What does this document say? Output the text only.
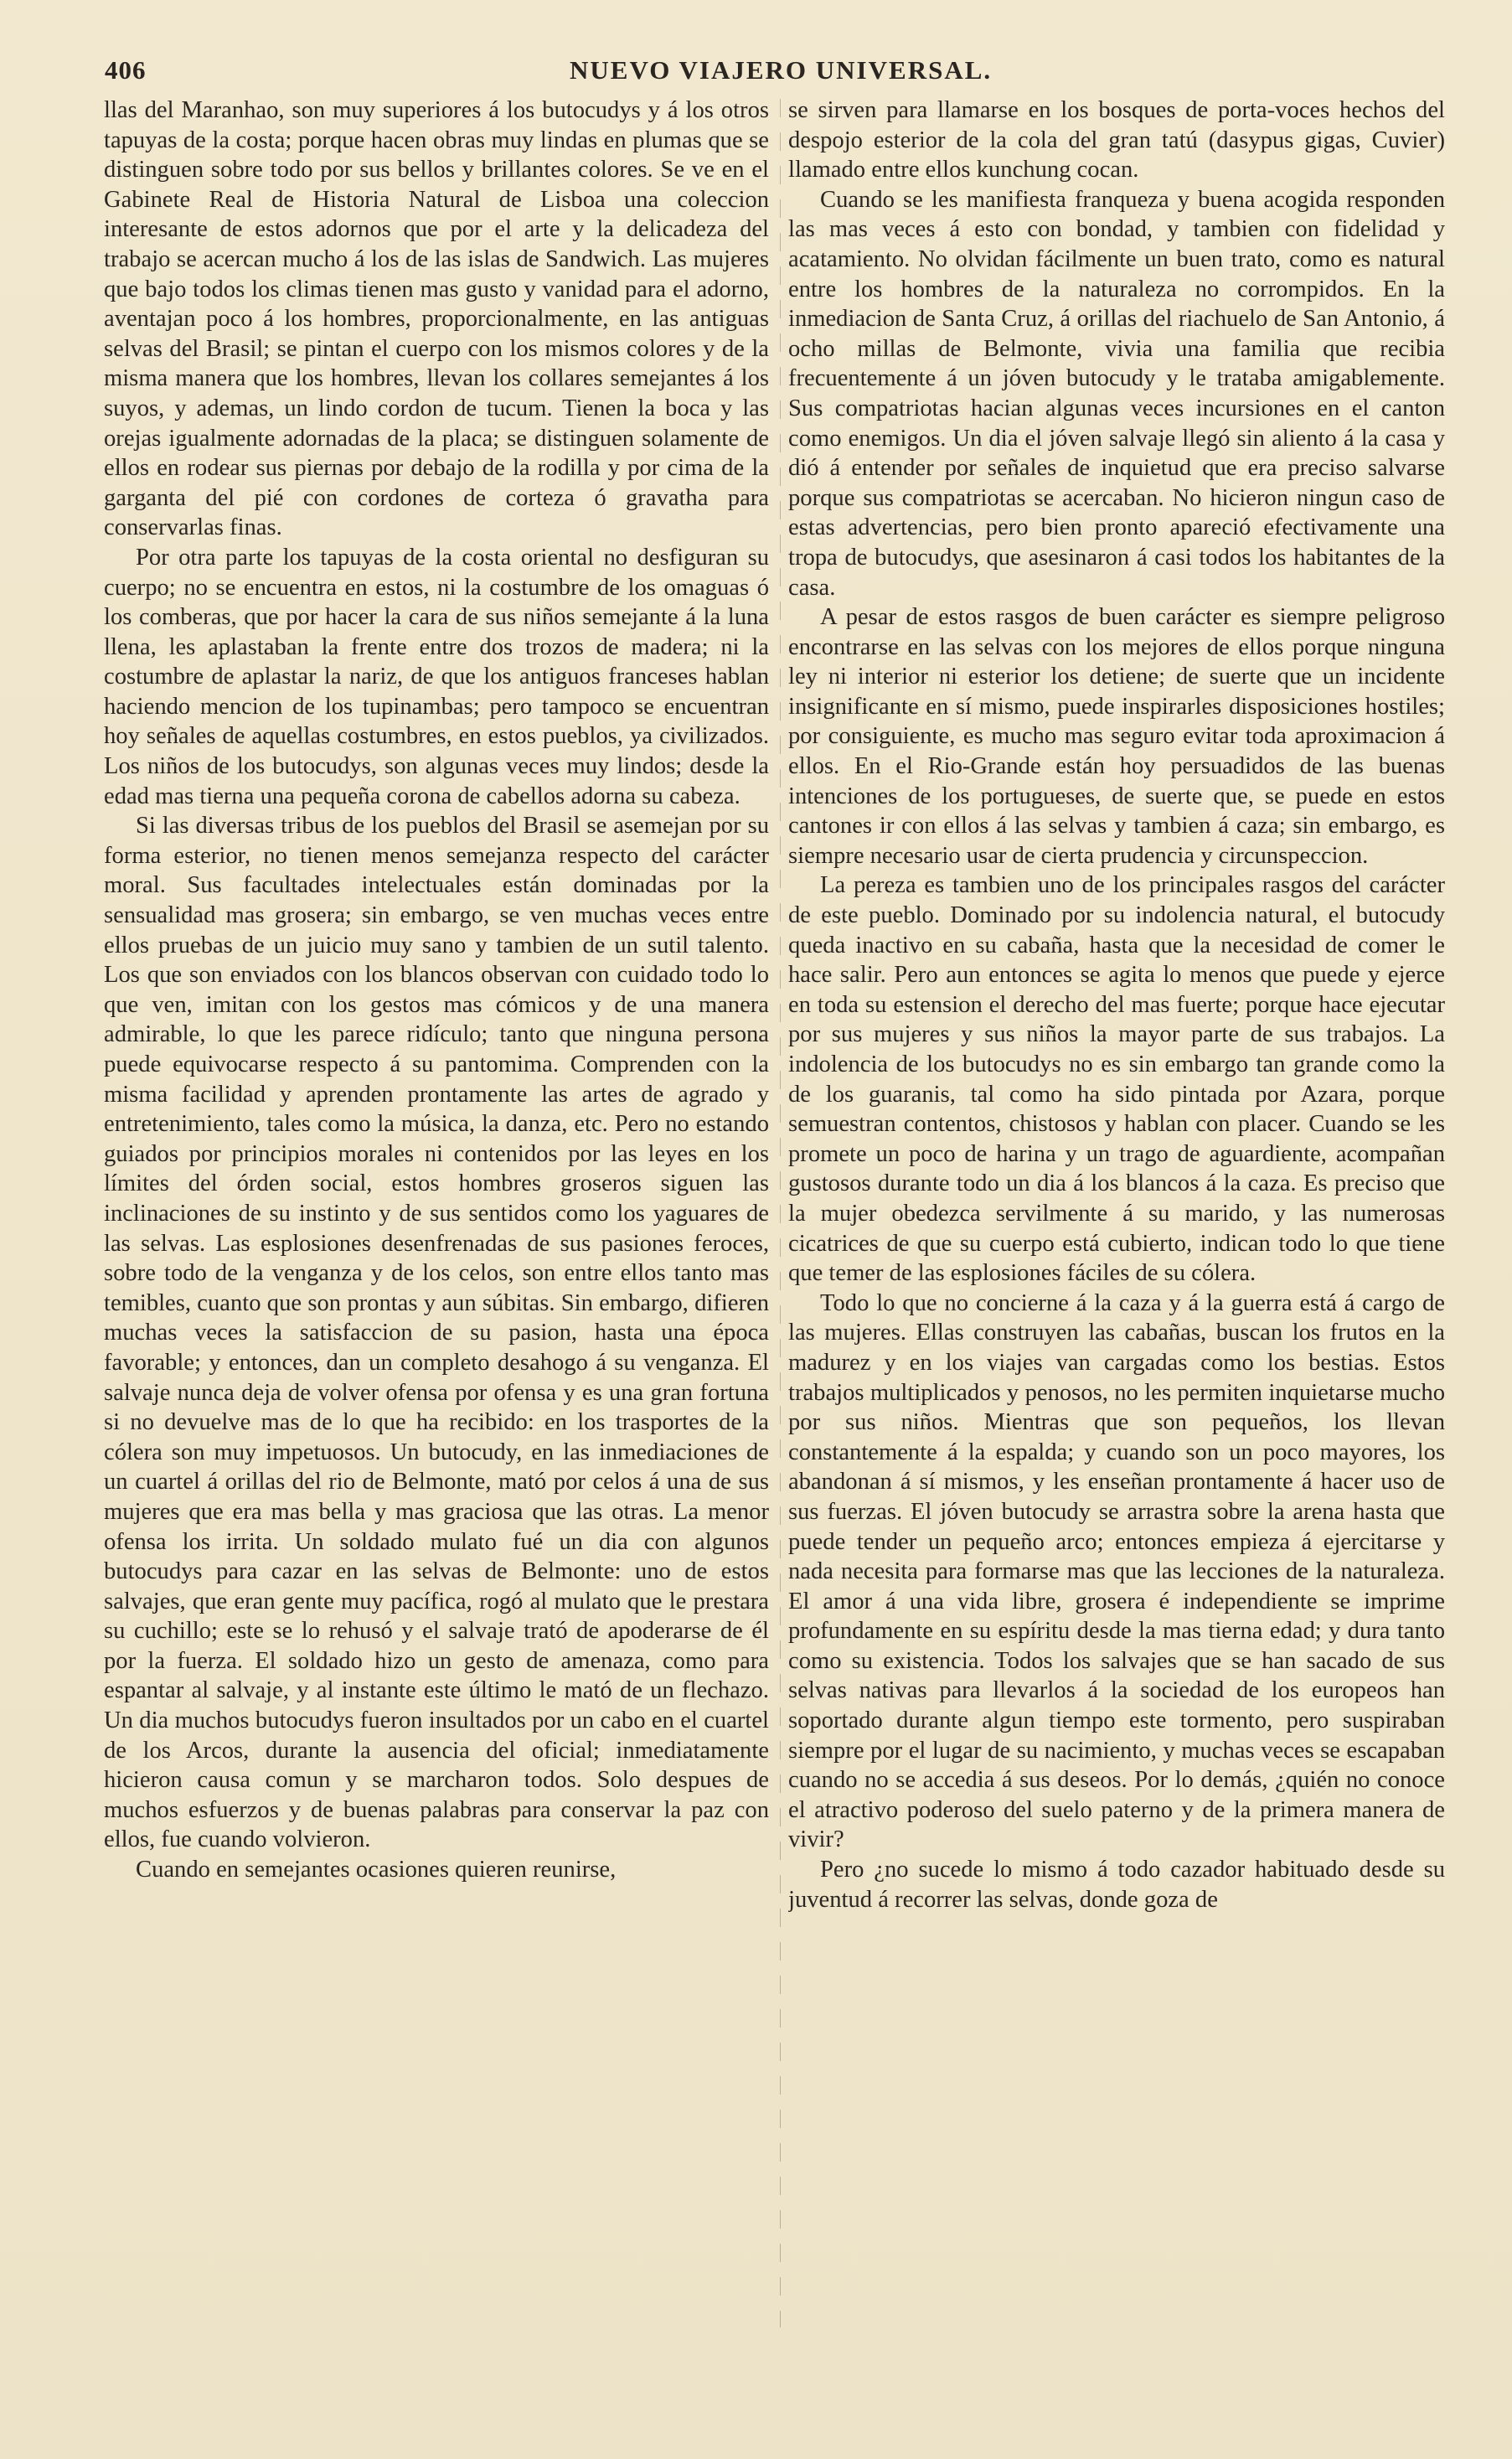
406	NUEVO VIAJERO UNIVERSAL.

llas del Maranhao, son muy superiores á los butocudys y á los otros tapuyas de la costa; porque hacen obras muy lindas en plumas que se distinguen sobre todo por sus bellos y brillantes colores. Se ve en el Gabinete Real de Historia Natural de Lisboa una coleccion interesante de estos adornos que por el arte y la delicadeza del trabajo se acercan mucho á los de las islas de Sandwich. Las mujeres que bajo todos los climas tienen mas gusto y vanidad para el adorno, aventajan poco á los hombres, proporcionalmente, en las antiguas selvas del Brasil; se pintan el cuerpo con los mismos colores y de la misma manera que los hombres, llevan los collares semejantes á los suyos, y ademas, un lindo cordon de tucum. Tienen la boca y las orejas igualmente adornadas de la placa; se distinguen solamente de ellos en rodear sus piernas por debajo de la rodilla y por cima de la garganta del pié con cordones de corteza ó gravatha para conservarlas finas.

Por otra parte los tapuyas de la costa oriental no desfiguran su cuerpo; no se encuentra en estos, ni la costumbre de los omaguas ó los comberas, que por hacer la cara de sus niños semejante á la luna llena, les aplastaban la frente entre dos trozos de madera; ni la costumbre de aplastar la nariz, de que los antiguos franceses hablan haciendo mencion de los tupinambas; pero tampoco se encuentran hoy señales de aquellas costumbres, en estos pueblos, ya civilizados. Los niños de los butocudys, son algunas veces muy lindos; desde la edad mas tierna una pequeña corona de cabellos adorna su cabeza.

Si las diversas tribus de los pueblos del Brasil se asemejan por su forma esterior, no tienen menos semejanza respecto del carácter moral. Sus facultades intelectuales están dominadas por la sensualidad mas grosera; sin embargo, se ven muchas veces entre ellos pruebas de un juicio muy sano y tambien de un sutil talento. Los que son enviados con los blancos observan con cuidado todo lo que ven, imitan con los gestos mas cómicos y de una manera admirable, lo que les parece ridículo; tanto que ninguna persona puede equivocarse respecto á su pantomima. Comprenden con la misma facilidad y aprenden prontamente las artes de agrado y entretenimiento, tales como la música, la danza, etc. Pero no estando guiados por principios morales ni contenidos por las leyes en los límites del órden social, estos hombres groseros siguen las inclinaciones de su instinto y de sus sentidos como los yaguares de las selvas. Las esplosiones desenfrenadas de sus pasiones feroces, sobre todo de la venganza y de los celos, son entre ellos tanto mas temibles, cuanto que son prontas y aun súbitas. Sin embargo, difieren muchas veces la satisfaccion de su pasion, hasta una época favorable; y entonces, dan un completo desahogo á su venganza. El salvaje nunca deja de volver ofensa por ofensa y es una gran fortuna si no devuelve mas de lo que ha recibido: en los trasportes de la cólera son muy impetuosos. Un butocudy, en las inmediaciones de un cuartel á orillas del rio de Belmonte, mató por celos á una de sus mujeres que era mas bella y mas graciosa que las otras. La menor ofensa los irrita. Un soldado mulato fué un dia con algunos butocudys para cazar en las selvas de Belmonte: uno de estos salvajes, que eran gente muy pacífica, rogó al mulato que le prestara su cuchillo; este se lo rehusó y el salvaje trató de apoderarse de él por la fuerza. El soldado hizo un gesto de amenaza, como para espantar al salvaje, y al instante este último le mató de un flechazo. Un dia muchos butocudys fueron insultados por un cabo en el cuartel de los Arcos, durante la ausencia del oficial; inmediatamente hicieron causa comun y se marcharon todos. Solo despues de muchos esfuerzos y de buenas palabras para conservar la paz con ellos, fue cuando volvieron.

Cuando en semejantes ocasiones quieren reunirse,

se sirven para llamarse en los bosques de porta-voces hechos del despojo esterior de la cola del gran tatú (dasypus gigas, Cuvier) llamado entre ellos kunchung cocan.

Cuando se les manifiesta franqueza y buena acogida responden las mas veces á esto con bondad, y tambien con fidelidad y acatamiento. No olvidan fácilmente un buen trato, como es natural entre los hombres de la naturaleza no corrompidos. En la inmediacion de Santa Cruz, á orillas del riachuelo de San Antonio, á ocho millas de Belmonte, vivia una familia que recibia frecuentemente á un jóven butocudy y le trataba amigablemente. Sus compatriotas hacian algunas veces incursiones en el canton como enemigos. Un dia el jóven salvaje llegó sin aliento á la casa y dió á entender por señales de inquietud que era preciso salvarse porque sus compatriotas se acercaban. No hicieron ningun caso de estas advertencias, pero bien pronto apareció efectivamente una tropa de butocudys, que asesinaron á casi todos los habitantes de la casa.

A pesar de estos rasgos de buen carácter es siempre peligroso encontrarse en las selvas con los mejores de ellos porque ninguna ley ni interior ni esterior los detiene; de suerte que un incidente insignificante en sí mismo, puede inspirarles disposiciones hostiles; por consiguiente, es mucho mas seguro evitar toda aproximacion á ellos. En el Rio-Grande están hoy persuadidos de las buenas intenciones de los portugueses, de suerte que, se puede en estos cantones ir con ellos á las selvas y tambien á caza; sin embargo, es siempre necesario usar de cierta prudencia y circunspeccion.

La pereza es tambien uno de los principales rasgos del carácter de este pueblo. Dominado por su indolencia natural, el butocudy queda inactivo en su cabaña, hasta que la necesidad de comer le hace salir. Pero aun entonces se agita lo menos que puede y ejerce en toda su estension el derecho del mas fuerte; porque hace ejecutar por sus mujeres y sus niños la mayor parte de sus trabajos. La indolencia de los butocudys no es sin embargo tan grande como la de los guaranis, tal como ha sido pintada por Azara, porque semuestran contentos, chistosos y hablan con placer. Cuando se les promete un poco de harina y un trago de aguardiente, acompañan gustosos durante todo un dia á los blancos á la caza. Es preciso que la mujer obedezca servilmente á su marido, y las numerosas cicatrices de que su cuerpo está cubierto, indican todo lo que tiene que temer de las esplosiones fáciles de su cólera.

Todo lo que no concierne á la caza y á la guerra está á cargo de las mujeres. Ellas construyen las cabañas, buscan los frutos en la madurez y en los viajes van cargadas como los bestias. Estos trabajos multiplicados y penosos, no les permiten inquietarse mucho por sus niños. Mientras que son pequeños, los llevan constantemente á la espalda; y cuando son un poco mayores, los abandonan á sí mismos, y les enseñan prontamente á hacer uso de sus fuerzas. El jóven butocudy se arrastra sobre la arena hasta que puede tender un pequeño arco; entonces empieza á ejercitarse y nada necesita para formarse mas que las lecciones de la naturaleza. El amor á una vida libre, grosera é independiente se imprime profundamente en su espíritu desde la mas tierna edad; y dura tanto como su existencia. Todos los salvajes que se han sacado de sus selvas nativas para llevarlos á la sociedad de los europeos han soportado durante algun tiempo este tormento, pero suspiraban siempre por el lugar de su nacimiento, y muchas veces se escapaban cuando no se accedia á sus deseos. Por lo demás, ¿quién no conoce el atractivo poderoso del suelo paterno y de la primera manera de vivir?

Pero ¿no sucede lo mismo á todo cazador habituado desde su juventud á recorrer las selvas, donde goza de
